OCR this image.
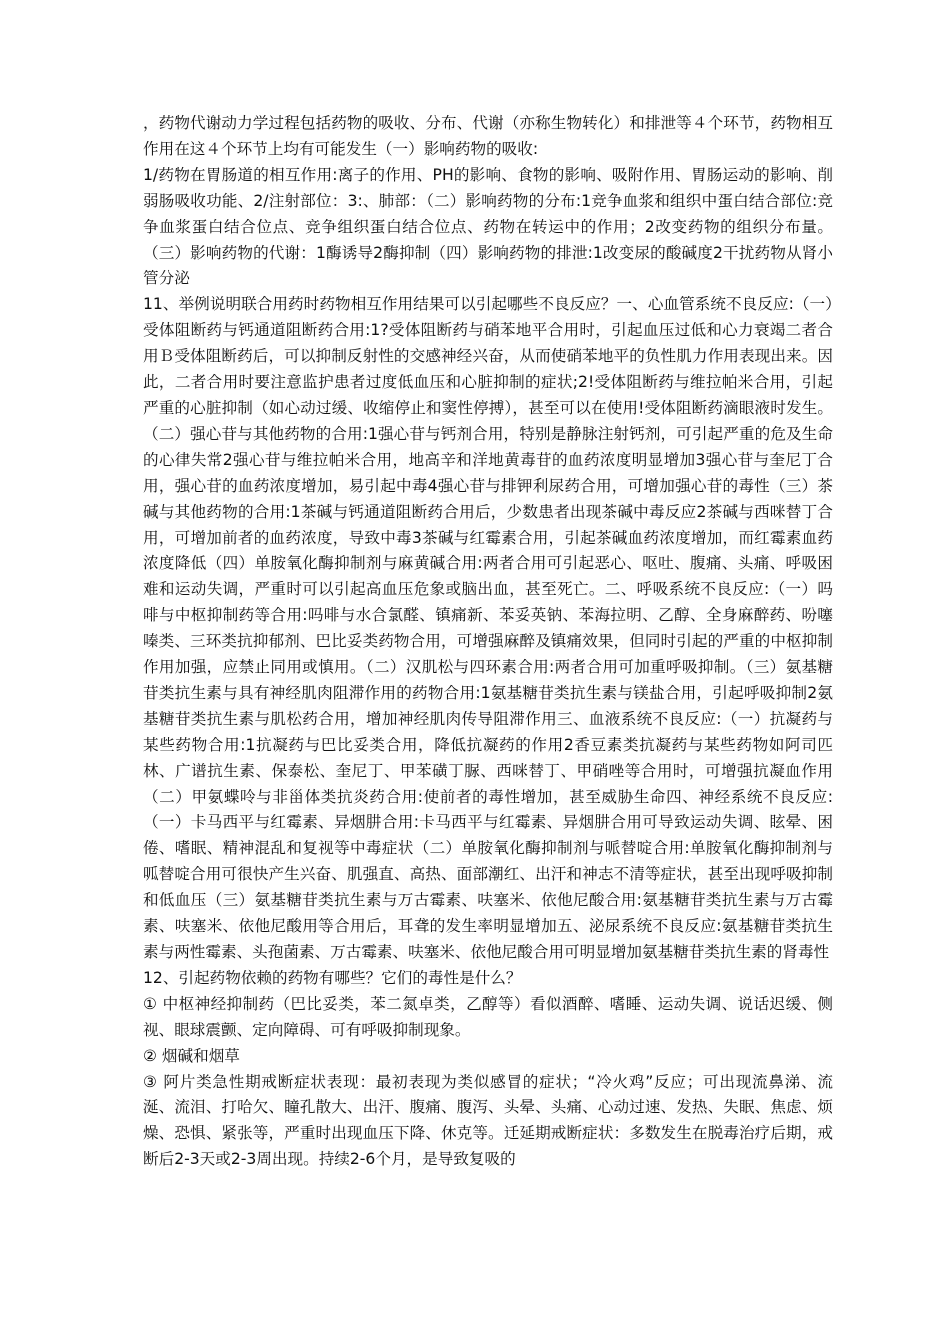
，药物代谢动力学过程包括药物的吸收、分布、代谢（亦称生物转化）和排泄等４个环节，药物相互作用在这４个环节上均有可能发生（一）影响药物的吸收:

1/药物在胃肠道的相互作用:离子的作用、PH的影响、食物的影响、吸附作用、胃肠运动的影响、削弱肠吸收功能、2/注射部位：3:、肺部：（二）影响药物的分布:1竞争血浆和组织中蛋白结合部位:竞争血浆蛋白结合位点、竞争组织蛋白结合位点、药物在转运中的作用；2改变药物的组织分布量。（三）影响药物的代谢：1酶诱导2酶抑制（四）影响药物的排泄:1改变尿的酸碱度2干扰药物从肾小管分泌

11、举例说明联合用药时药物相互作用结果可以引起哪些不良反应？一、心血管系统不良反应:（一）受体阻断药与钙通道阻断药合用:1?受体阻断药与硝苯地平合用时，引起血压过低和心力衰竭二者合用Ｂ受体阻断药后，可以抑制反射性的交感神经兴奋，从而使硝苯地平的负性肌力作用表现出来。因此，二者合用时要注意监护患者过度低血压和心脏抑制的症状;2!受体阻断药与维拉帕米合用，引起严重的心脏抑制（如心动过缓、收缩停止和窦性停搏），甚至可以在使用!受体阻断药滴眼液时发生。（二）强心苷与其他药物的合用:1强心苷与钙剂合用，特别是静脉注射钙剂，可引起严重的危及生命的心律失常2强心苷与维拉帕米合用，地高辛和洋地黄毒苷的血药浓度明显增加3强心苷与奎尼丁合用，强心苷的血药浓度增加，易引起中毒4强心苷与排钾利尿药合用，可增加强心苷的毒性（三）茶碱与其他药物的合用:1茶碱与钙通道阻断药合用后，少数患者出现茶碱中毒反应2茶碱与西咪替丁合用，可增加前者的血药浓度，导致中毒3茶碱与红霉素合用，引起茶碱血药浓度增加，而红霉素血药浓度降低（四）单胺氧化酶抑制剂与麻黄碱合用:两者合用可引起恶心、呕吐、腹痛、头痛、呼吸困难和运动失调，严重时可以引起高血压危象或脑出血，甚至死亡。二、呼吸系统不良反应:（一）吗啡与中枢抑制药等合用:吗啡与水合氯醛、镇痛新、苯妥英钠、苯海拉明、乙醇、全身麻醉药、吩噻嗪类、三环类抗抑郁剂、巴比妥类药物合用，可增强麻醉及镇痛效果，但同时引起的严重的中枢抑制作用加强，应禁止同用或慎用。（二）汉肌松与四环素合用:两者合用可加重呼吸抑制。（三）氨基糖苷类抗生素与具有神经肌肉阻滞作用的药物合用:1氨基糖苷类抗生素与镁盐合用，引起呼吸抑制2氨基糖苷类抗生素与肌松药合用，增加神经肌肉传导阻滞作用三、血液系统不良反应:（一）抗凝药与某些药物合用:1抗凝药与巴比妥类合用，降低抗凝药的作用2香豆素类抗凝药与某些药物如阿司匹林、广谱抗生素、保泰松、奎尼丁、甲苯磺丁脲、西咪替丁、甲硝唑等合用时，可增强抗凝血作用（二）甲氨蝶呤与非甾体类抗炎药合用:使前者的毒性增加，甚至威胁生命四、神经系统不良反应:（一）卡马西平与红霉素、异烟肼合用:卡马西平与红霉素、异烟肼合用可导致运动失调、眩晕、困倦、嗜眠、精神混乱和复视等中毒症状（二）单胺氧化酶抑制剂与哌替啶合用:单胺氧化酶抑制剂与呱替啶合用可很快产生兴奋、肌强直、高热、面部潮红、出汗和神志不清等症状，甚至出现呼吸抑制和低血压（三）氨基糖苷类抗生素与万古霉素、呋塞米、依他尼酸合用:氨基糖苷类抗生素与万古霉素、呋塞米、依他尼酸用等合用后，耳聋的发生率明显增加五、泌尿系统不良反应:氨基糖苷类抗生素与两性霉素、头孢菌素、万古霉素、呋塞米、依他尼酸合用可明显增加氨基糖苷类抗生素的肾毒性

12、引起药物依赖的药物有哪些？它们的毒性是什么？

① 中枢神经抑制药（巴比妥类，苯二氮卓类，乙醇等）看似酒醉、嗜睡、运动失调、说话迟缓、侧视、眼球震颤、定向障碍、可有呼吸抑制现象。

② 烟碱和烟草

③ 阿片类急性期戒断症状表现：最初表现为类似感冒的症状；“冷火鸡”反应；可出现流鼻涕、流涎、流泪、打哈欠、瞳孔散大、出汗、腹痛、腹泻、头晕、头痛、心动过速、发热、失眠、焦虑、烦燥、恐惧、紧张等，严重时出现血压下降、休克等。迁延期戒断症状：多数发生在脱毒治疗后期，戒断后2-3天或2-3周出现。持续2-6个月，是导致复吸的
